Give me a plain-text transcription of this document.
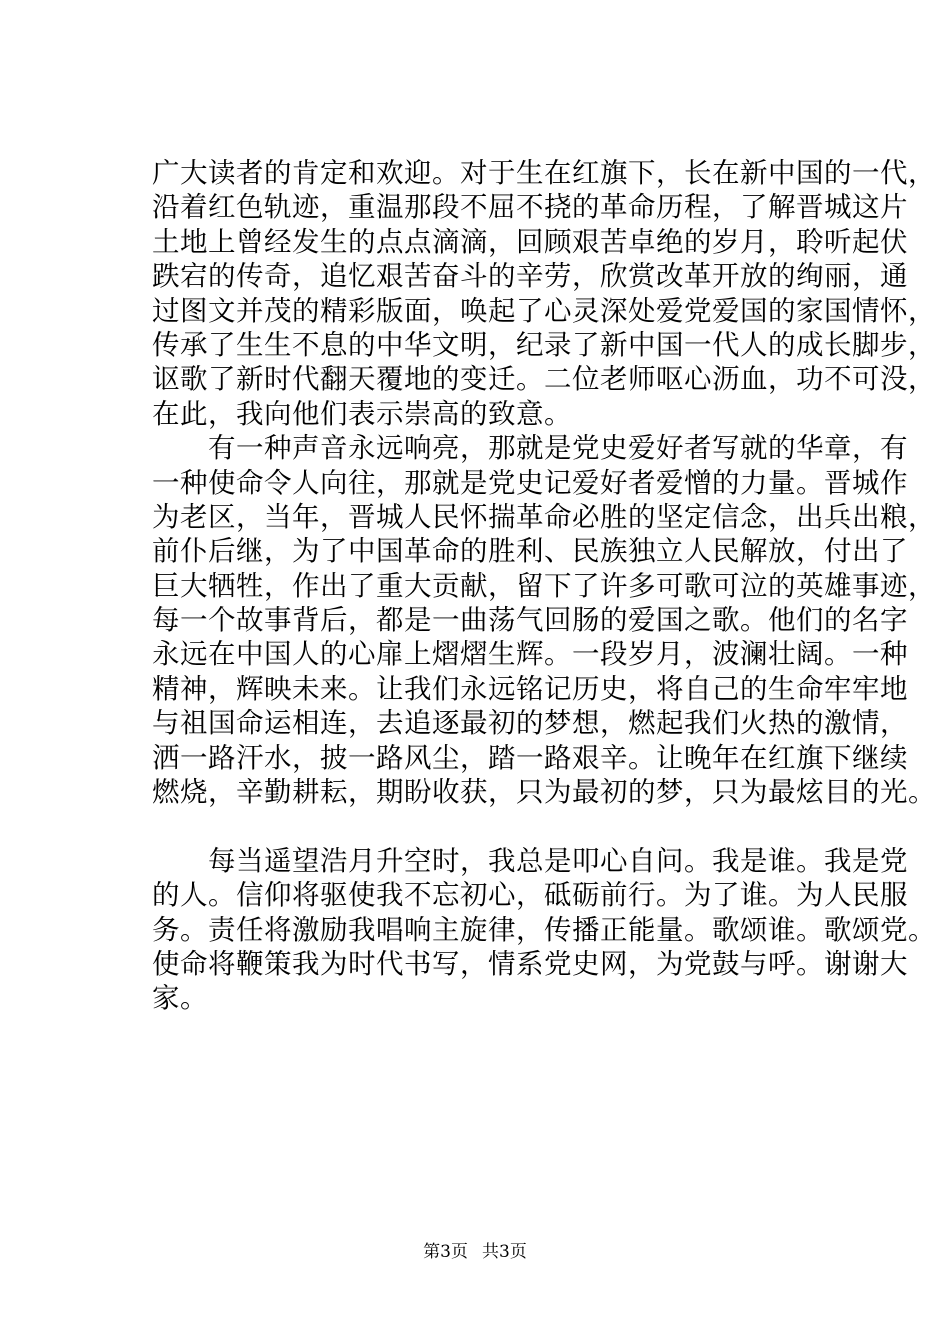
广大读者的肯定和欢迎。对于生在红旗下，长在新中国的一代，
沿着红色轨迹，重温那段不屈不挠的革命历程，了解晋城这片
土地上曾经发生的点点滴滴，回顾艰苦卓绝的岁月，聆听起伏
跌宕的传奇，追忆艰苦奋斗的辛劳，欣赏改革开放的绚丽，通
过图文并茂的精彩版面，唤起了心灵深处爱党爱国的家国情怀，
传承了生生不息的中华文明，纪录了新中国一代人的成长脚步，
讴歌了新时代翻天覆地的变迁。二位老师呕心沥血，功不可没，
在此，我向他们表示崇高的致意。
　　有一种声音永远响亮，那就是党史爱好者写就的华章，有
一种使命令人向往，那就是党史记爱好者爱憎的力量。晋城作
为老区，当年，晋城人民怀揣革命必胜的坚定信念，出兵出粮，
前仆后继，为了中国革命的胜利、民族独立人民解放，付出了
巨大牺牲，作出了重大贡献，留下了许多可歌可泣的英雄事迹，
每一个故事背后，都是一曲荡气回肠的爱国之歌。他们的名字
永远在中国人的心扉上熠熠生辉。一段岁月，波澜壮阔。一种
精神，辉映未来。让我们永远铭记历史，将自己的生命牢牢地
与祖国命运相连，去追逐最初的梦想，燃起我们火热的激情，
洒一路汗水，披一路风尘，踏一路艰辛。让晚年在红旗下继续
燃烧，辛勤耕耘，期盼收获，只为最初的梦，只为最炫目的光。
　　每当遥望浩月升空时，我总是叩心自问。我是谁。我是党
的人。信仰将驱使我不忘初心，砥砺前行。为了谁。为人民服
务。责任将激励我唱响主旋律，传播正能量。歌颂谁。歌颂党。
使命将鞭策我为时代书写，情系党史网，为党鼓与呼。谢谢大
家。
第3页 共3页
